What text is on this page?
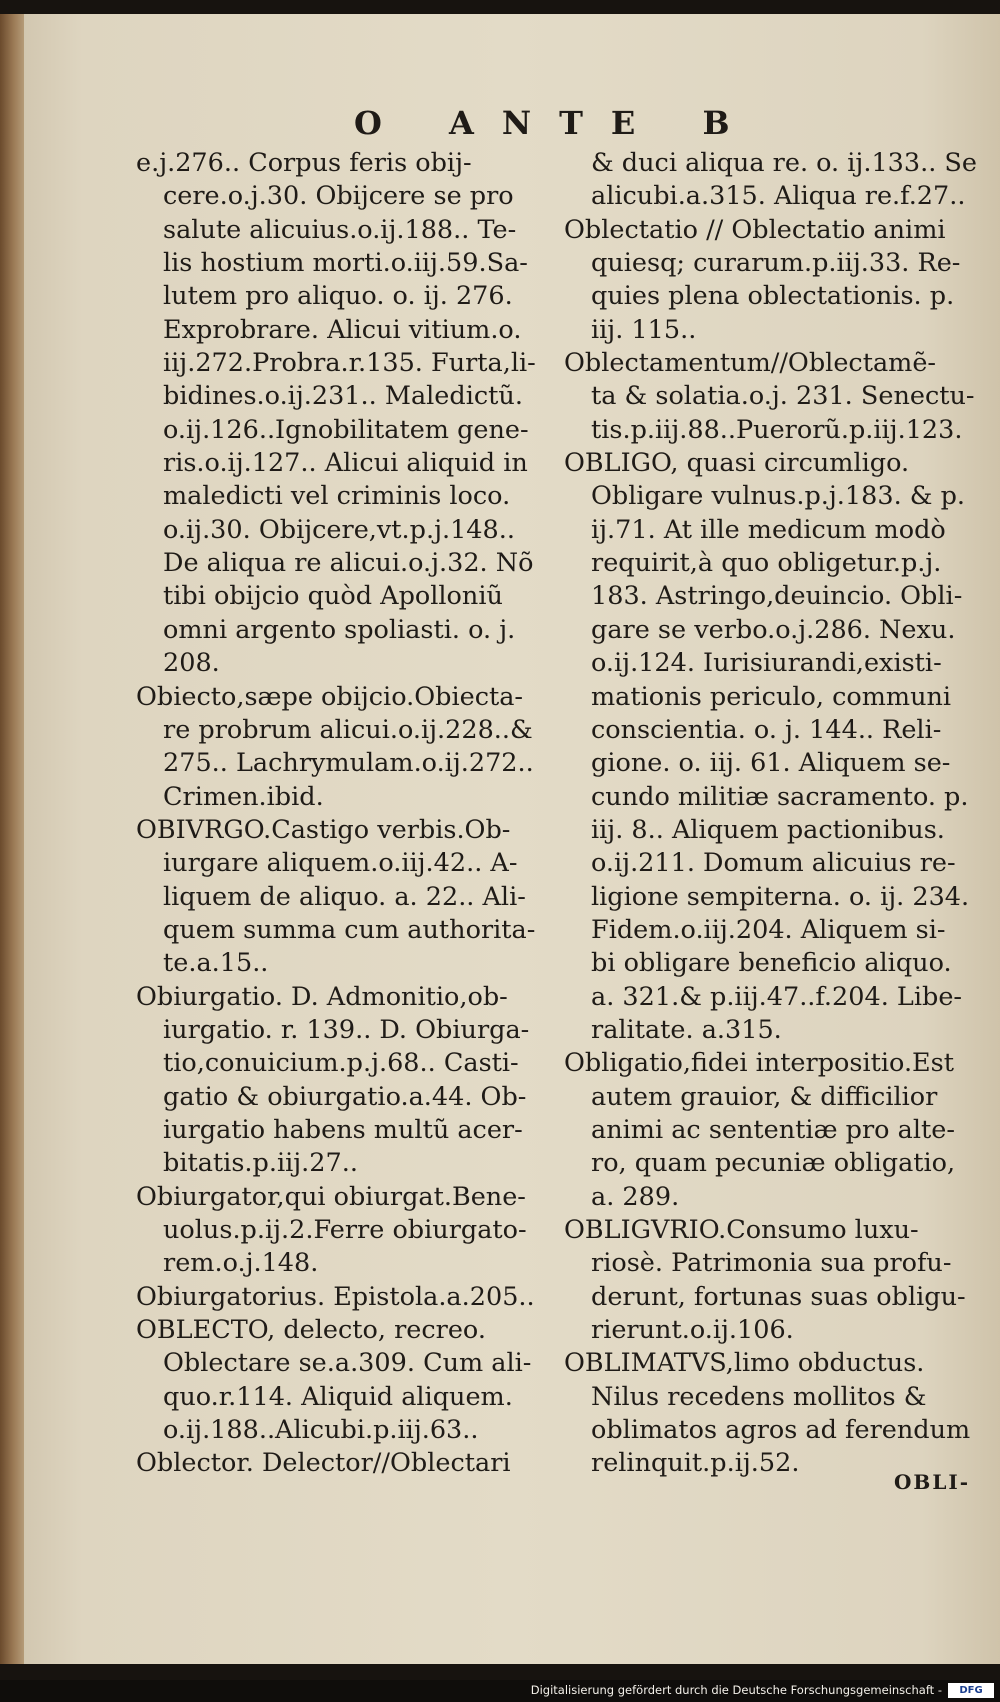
O ANTE B
e.j.276.. Corpus feris obij-
cere.o.j.30. Obijcere se pro
salute alicuius.o.ij.188.. Te-
lis hostium morti.o.iij.59.Sa-
lutem pro aliquo. o. ij. 276.
Exprobrare. Alicui vitium.o.
iij.272.Probra.r.135. Furta,li-
bidines.o.ij.231.. Maledictũ.
o.ij.126..Ignobilitatem gene-
ris.o.ij.127.. Alicui aliquid in
maledicti vel criminis loco.
o.ij.30. Obijcere,vt.p.j.148..
De aliqua re alicui.o.j.32. Nõ
tibi obijcio quòd Apolloniũ
omni argento spoliasti. o. j.
208.
Obiecto,sæpe obijcio.Obiecta-
re probrum alicui.o.ij.228..&
275.. Lachrymulam.o.ij.272..
Crimen.ibid.
OBIVRGO.Castigo verbis.Ob-
iurgare aliquem.o.iij.42.. A-
liquem de aliquo. a. 22.. Ali-
quem summa cum authorita-
te.a.15..
Obiurgatio. D. Admonitio,ob-
iurgatio. r. 139.. D. Obiurga-
tio,conuicium.p.j.68.. Casti-
gatio & obiurgatio.a.44. Ob-
iurgatio habens multũ acer-
bitatis.p.iij.27..
Obiurgator,qui obiurgat.Bene-
uolus.p.ij.2.Ferre obiurgato-
rem.o.j.148.
Obiurgatorius. Epistola.a.205..
OBLECTO, delecto, recreo.
Oblectare se.a.309. Cum ali-
quo.r.114. Aliquid aliquem.
o.ij.188..Alicubi.p.iij.63..
Oblector. Delector//Oblectari
& duci aliqua re. o. ij.133.. Se
alicubi.a.315. Aliqua re.f.27..
Oblectatio // Oblectatio animi
quiesq; curarum.p.iij.33. Re-
quies plena oblectationis. p.
iij. 115..
Oblectamentum//Oblectamẽ-
ta & solatia.o.j. 231. Senectu-
tis.p.iij.88..Puerorũ.p.iij.123.
OBLIGO, quasi circumligo.
Obligare vulnus.p.j.183. & p.
ij.71. At ille medicum modò
requirit,à quo obligetur.p.j.
183. Astringo,deuincio. Obli-
gare se verbo.o.j.286. Nexu.
o.ij.124. Iurisiurandi,existi-
mationis periculo, communi
conscientia. o. j. 144.. Reli-
gione. o. iij. 61. Aliquem se-
cundo militiæ sacramento. p.
iij. 8.. Aliquem pactionibus.
o.ij.211. Domum alicuius re-
ligione sempiterna. o. ij. 234.
Fidem.o.iij.204. Aliquem si-
bi obligare beneficio aliquo.
a. 321.& p.iij.47..f.204. Libe-
ralitate. a.315.
Obligatio,fidei interpositio.Est
autem grauior, & difficilior
animi ac sententiæ pro alte-
ro, quam pecuniæ obligatio,
a. 289.
OBLIGVRIO.Consumo luxu-
riosè. Patrimonia sua profu-
derunt, fortunas suas obligu-
rierunt.o.ij.106.
OBLIMATVS,limo obductus.
Nilus recedens mollitos &
oblimatos agros ad ferendum
relinquit.p.ij.52.
OBLI-
Digitalisierung gefördert durch die Deutsche Forschungsgemeinschaft -	DFG
